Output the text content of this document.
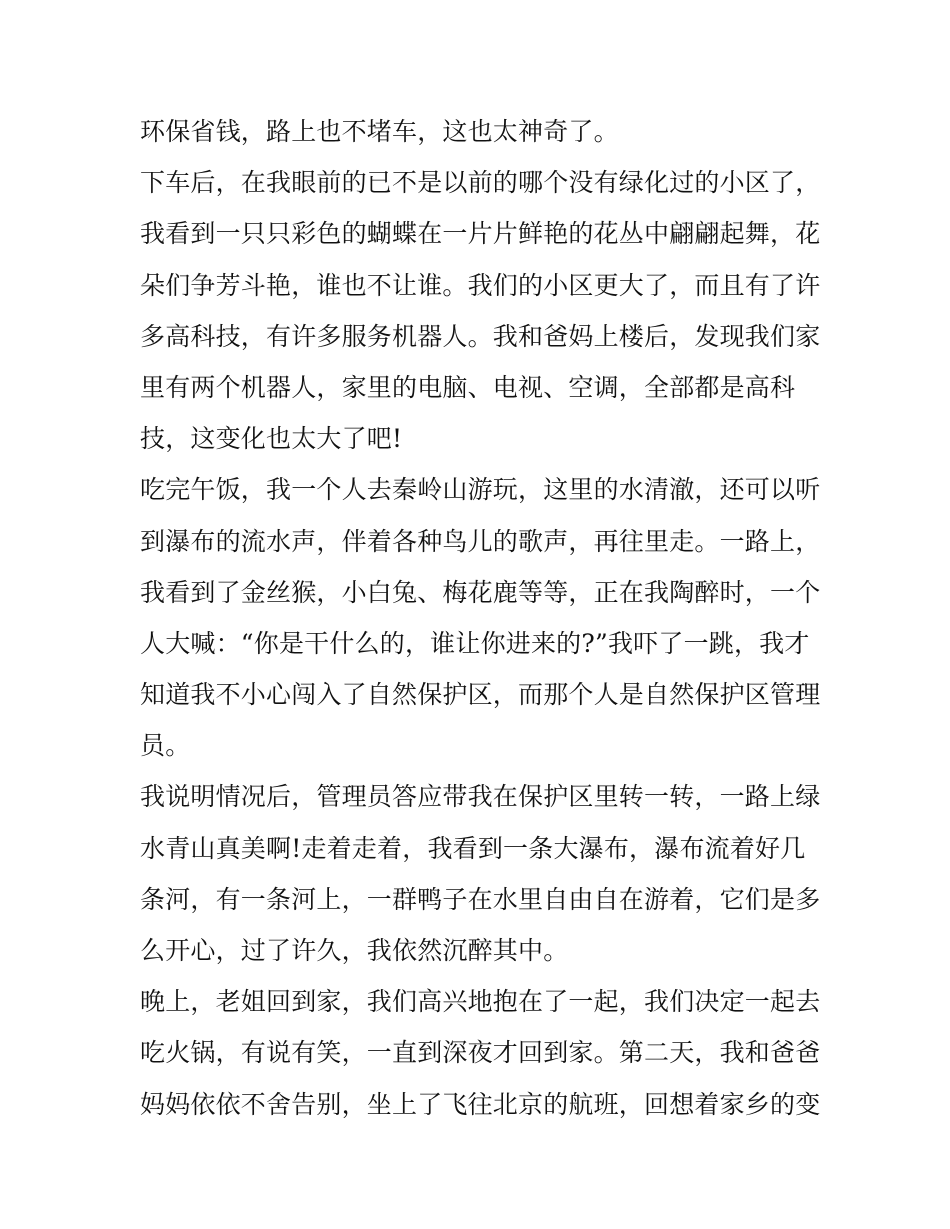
环保省钱，路上也不堵车，这也太神奇了。
下车后，在我眼前的已不是以前的哪个没有绿化过的小区了，
我看到一只只彩色的蝴蝶在一片片鲜艳的花丛中翩翩起舞，花
朵们争芳斗艳，谁也不让谁。我们的小区更大了，而且有了许
多高科技，有许多服务机器人。我和爸妈上楼后，发现我们家
里有两个机器人，家里的电脑、电视、空调，全部都是高科
技，这变化也太大了吧!
吃完午饭，我一个人去秦岭山游玩，这里的水清澈，还可以听
到瀑布的流水声，伴着各种鸟儿的歌声，再往里走。一路上，
我看到了金丝猴，小白兔、梅花鹿等等，正在我陶醉时，一个
人大喊：“你是干什么的，谁让你进来的?”我吓了一跳，我才
知道我不小心闯入了自然保护区，而那个人是自然保护区管理
员。
我说明情况后，管理员答应带我在保护区里转一转，一路上绿
水青山真美啊!走着走着，我看到一条大瀑布，瀑布流着好几
条河，有一条河上，一群鸭子在水里自由自在游着，它们是多
么开心，过了许久，我依然沉醉其中。
晚上，老姐回到家，我们高兴地抱在了一起，我们决定一起去
吃火锅，有说有笑，一直到深夜才回到家。第二天，我和爸爸
妈妈依依不舍告别，坐上了飞往北京的航班，回想着家乡的变
